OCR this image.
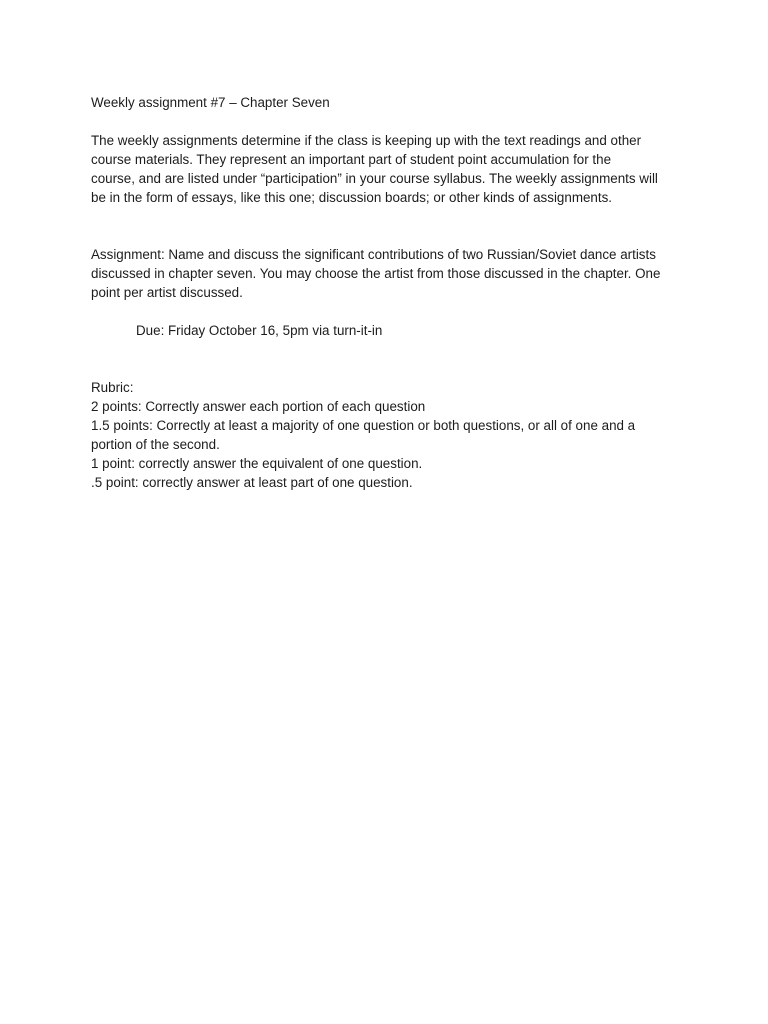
Weekly assignment #7 – Chapter Seven
The weekly assignments determine if the class is keeping up with the text readings and other
course materials. They represent an important part of student point accumulation for the
course, and are listed under “participation” in your course syllabus. The weekly assignments will
be in the form of essays, like this one; discussion boards; or other kinds of assignments.
Assignment: Name and discuss the significant contributions of two Russian/Soviet dance artists
discussed in chapter seven. You may choose the artist from those discussed in the chapter. One
point per artist discussed.
Due: Friday October 16, 5pm via turn-it-in
Rubric:
2 points: Correctly answer each portion of each question
1.5 points: Correctly at least a majority of one question or both questions, or all of one and a
portion of the second.
1 point: correctly answer the equivalent of one question.
.5 point: correctly answer at least part of one question.
